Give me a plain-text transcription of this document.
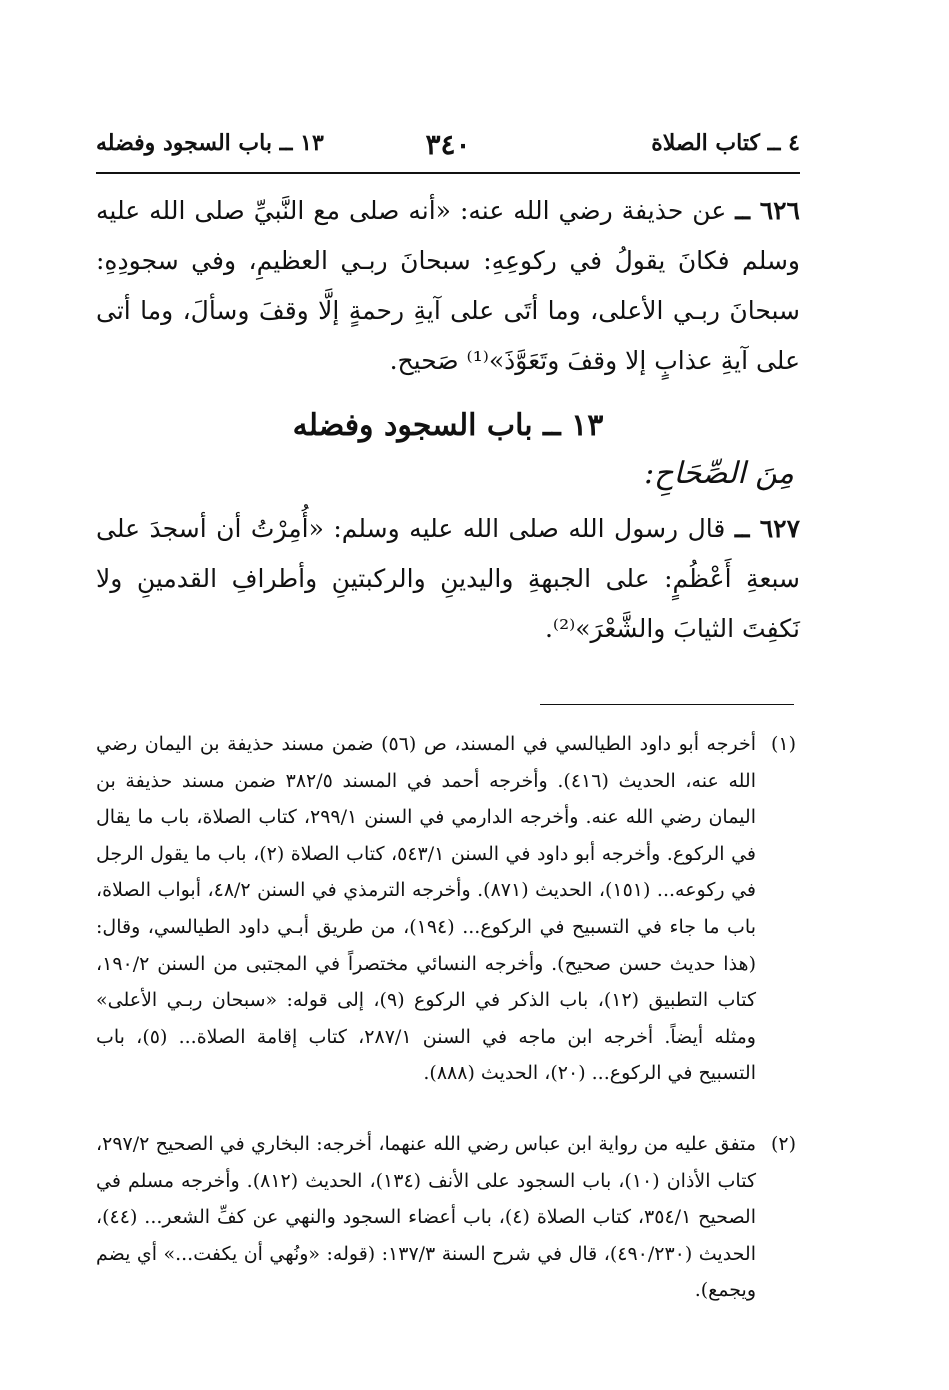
٤ ــ كتاب الصلاة
٣٤٠
١٣ ــ باب السجود وفضله
٦٢٦ ــ عن حذيفة رضي الله عنه: «أنه صلى مع النَّبيِّ صلى الله عليه وسلم فكانَ يقولُ في ركوعِهِ: سبحانَ ربـي العظيمِ، وفي سجودِهِ: سبحانَ ربـي الأعلى، وما أتَى على آيةِ رحمةٍ إلَّا وقفَ وسألَ، وما أتى على آيةِ عذابٍ إلا وقفَ وتَعَوَّذَ»⁽¹⁾ صَحيح.
١٣ ــ باب السجود وفضله
مِنَ الصِّحَاحِ:
٦٢٧ ــ قال رسول الله صلى الله عليه وسلم: «أُمِرْتُ أن أسجدَ على سبعةِ أَعْظُمٍ: على الجبهةِ واليدينِ والركبتينِ وأطرافِ القدمينِ ولا نَكفِتَ الثيابَ والشَّعْرَ»⁽²⁾.
(١)
أخرجه أبو داود الطيالسي في المسند، ص (٥٦) ضمن مسند حذيفة بن اليمان رضي الله عنه، الحديث (٤١٦). وأخرجه أحمد في المسند ٣٨٢/٥ ضمن مسند حذيفة بن اليمان رضي الله عنه. وأخرجه الدارمي في السنن ٢٩٩/١، كتاب الصلاة، باب ما يقال في الركوع. وأخرجه أبو داود في السنن ٥٤٣/١، كتاب الصلاة (٢)، باب ما يقول الرجل في ركوعه... (١٥١)، الحديث (٨٧١). وأخرجه الترمذي في السنن ٤٨/٢، أبواب الصلاة، باب ما جاء في التسبيح في الركوع... (١٩٤)، من طريق أبـي داود الطيالسي، وقال: (هذا حديث حسن صحيح). وأخرجه النسائي مختصراً في المجتبى من السنن ١٩٠/٢، كتاب التطبيق (١٢)، باب الذكر في الركوع (٩)، إلى قوله: «سبحان ربـي الأعلى» ومثله أيضاً. أخرجه ابن ماجه في السنن ٢٨٧/١، كتاب إقامة الصلاة... (٥)، باب التسبيح في الركوع... (٢٠)، الحديث (٨٨٨).
(٢)
متفق عليه من رواية ابن عباس رضي الله عنهما، أخرجه: البخاري في الصحيح ٢٩٧/٢، كتاب الأذان (١٠)، باب السجود على الأنف (١٣٤)، الحديث (٨١٢). وأخرجه مسلم في الصحيح ٣٥٤/١، كتاب الصلاة (٤)، باب أعضاء السجود والنهي عن كفِّ الشعر... (٤٤)، الحديث (٤٩٠/٢٣٠)، قال في شرح السنة ١٣٧/٣: (قوله: «ونُهي أن يكفت...» أي يضم ويجمع).
